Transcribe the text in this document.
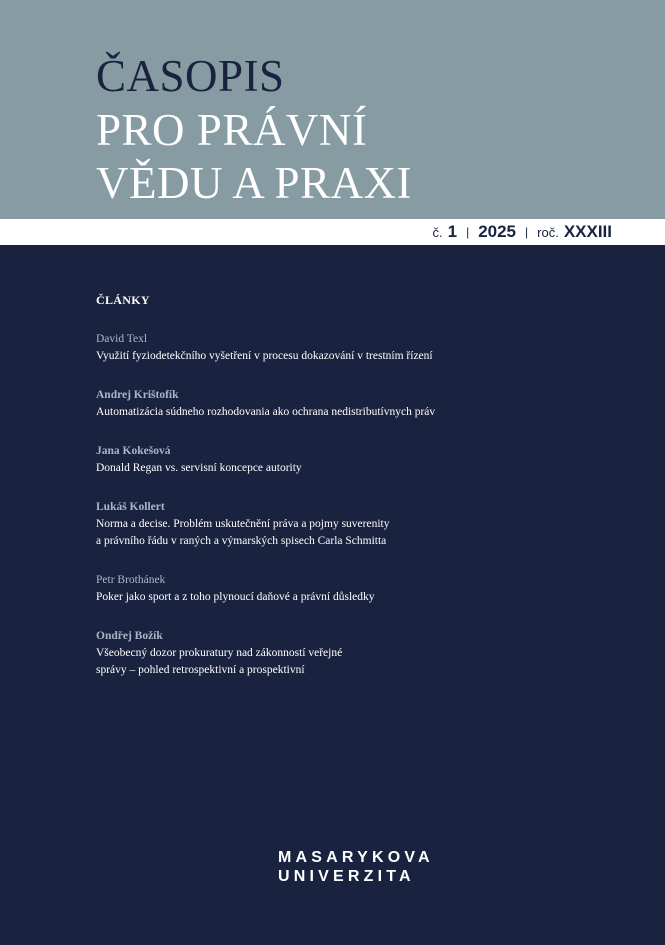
ČASOPIS
PRO PRÁVNÍ
VĚDU A PRAXI
č. 1 | 2025 | roč. XXXIII
ČLÁNKY
David Texl
Využití fyziodetekčního vyšetření v procesu dokazování v trestním řízení
Andrej Krištofík
Automatizácia súdneho rozhodovania ako ochrana nedistributívnych práv
Jana Kokešová
Donald Regan vs. servisní koncepce autority
Lukáš Kollert
Norma a decise. Problém uskutečnění práva a pojmy suverenity
a právního řádu v raných a výmarských spisech Carla Schmitta
Petr Brothánek
Poker jako sport a z toho plynoucí daňové a právní důsledky
Ondřej Božík
Všeobecný dozor prokuratury nad zákonností veřejné
správy – pohled retrospektivní a prospektivní
MASARYKOVA
UNIVERZITA
